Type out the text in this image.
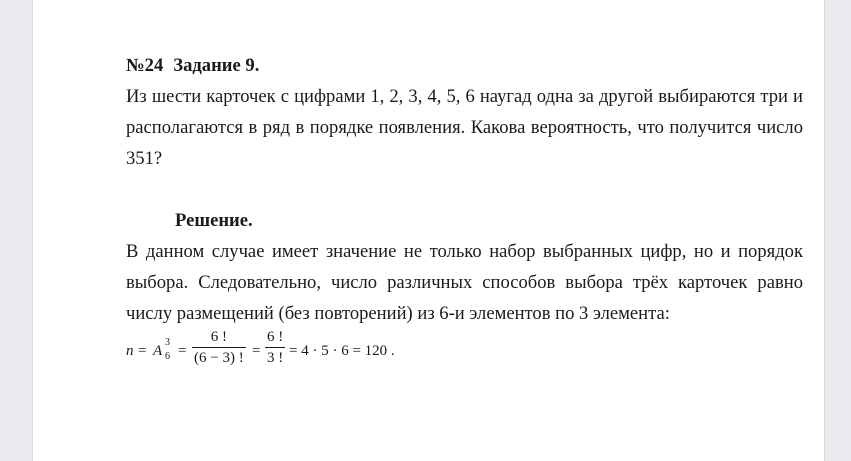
№24 Задание 9.
Из шести карточек с цифрами 1, 2, 3, 4, 5, 6 наугад одна за другой выбираются три и располагаются в ряд в порядке появления. Какова вероятность, что получится число 351?
Решение.
В данном случае имеет значение не только набор выбранных цифр, но и порядок выбора. Следовательно, число различных способов выбора трёх карточек равно числу размещений (без повторений) из 6-и элементов по 3 элемента:
n = A
3
6 =
6 !
(6 − 3) ! =
6 !
3 ! = 4 · 5 · 6 = 120 .
